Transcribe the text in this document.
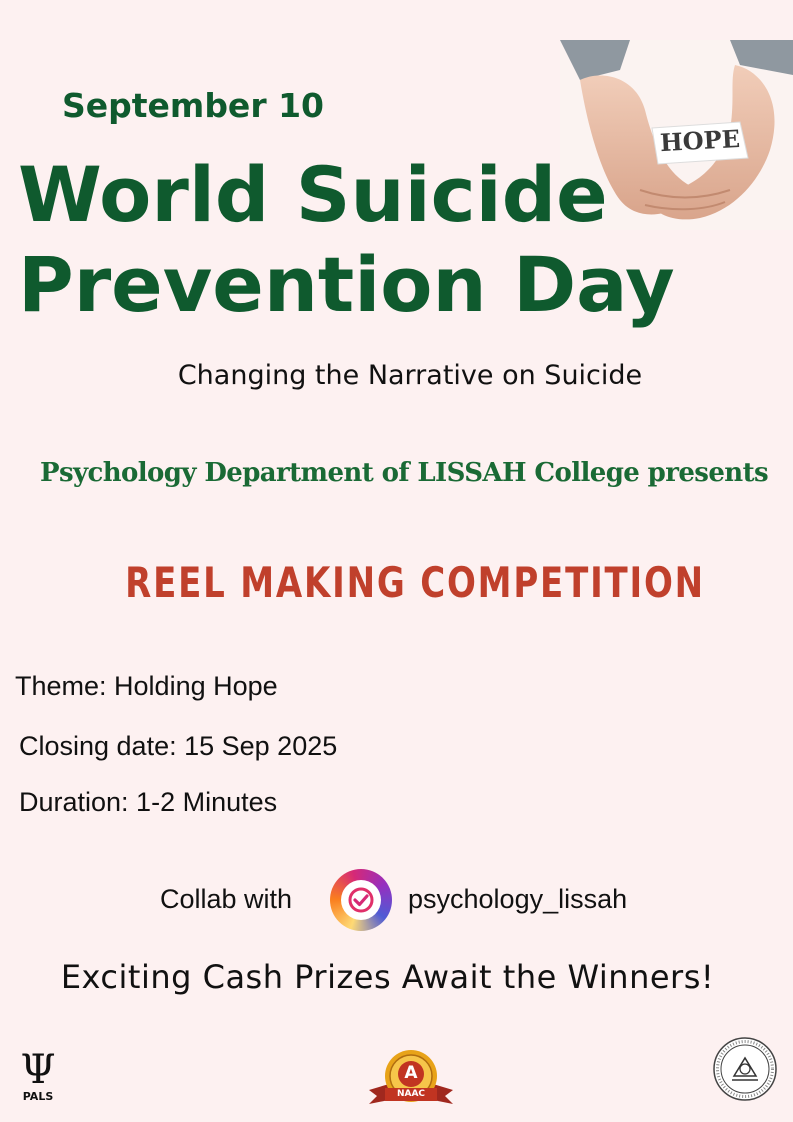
HOPE
September 10
World Suicide
Prevention Day
Changing the Narrative on Suicide
Psychology Department of LISSAH College presents
REEL MAKING COMPETITION
Theme: Holding Hope
Closing date: 15 Sep 2025
Duration: 1-2 Minutes
Collab with	psychology_lissah
Exciting Cash Prizes Await the Winners!
Ψ
PALS
A
NAAC
